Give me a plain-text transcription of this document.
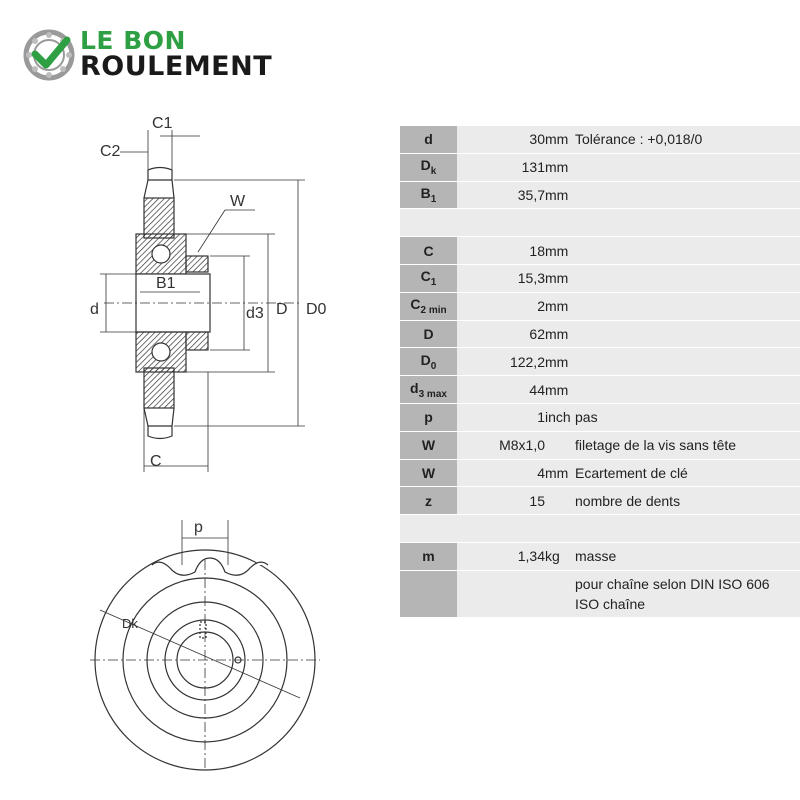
LE BON
ROULEMENT
C1
C2
W
B1
d	d3 D D0
C
p
Dk
d	30	mm	Tolérance : +0,018/0
$D_k$	131	mm	
$B_1$	35,7	mm	

C	18	mm	
$C_1$	15,3	mm	
$C_{2 min}$	2	mm	
D	62	mm	
$D_0$	122,2	mm	
$d_{3 max}$	44	mm	
p	1	inch	pas
W	M8x1,0		filetage de la vis sans tête
W	4	mm	Ecartement de clé
z	15		nombre de dents

m	1,34	kg	masse

			pour chaîne selon DIN ISO 606
ISO chaîne
